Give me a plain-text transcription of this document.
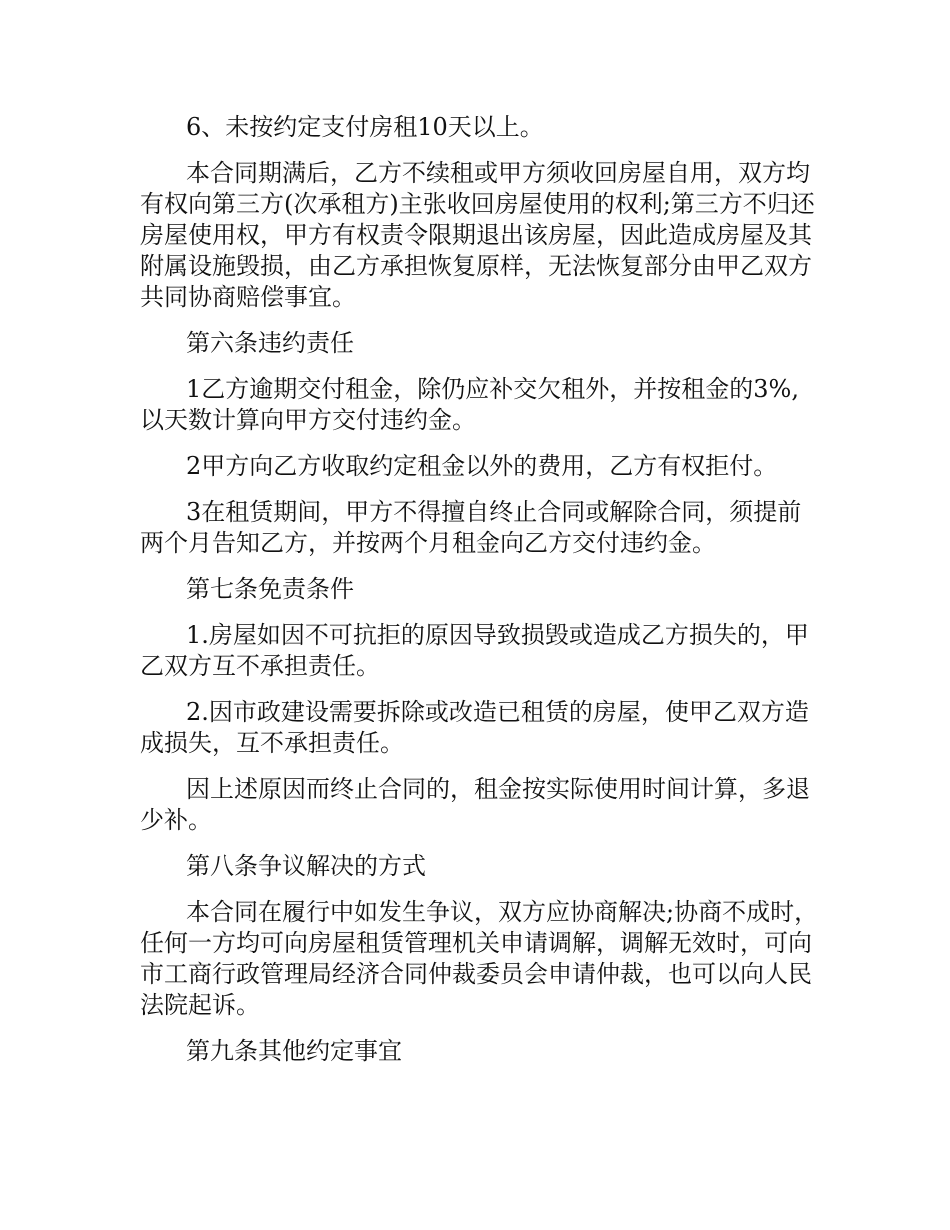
6、未按约定支付房租10天以上。

本合同期满后，乙方不续租或甲方须收回房屋自用，双方均有权向第三方(次承租方)主张收回房屋使用的权利;第三方不归还房屋使用权，甲方有权责令限期退出该房屋，因此造成房屋及其附属设施毁损，由乙方承担恢复原样，无法恢复部分由甲乙双方共同协商赔偿事宜。

第六条违约责任

1乙方逾期交付租金，除仍应补交欠租外，并按租金的3%,以天数计算向甲方交付违约金。

2甲方向乙方收取约定租金以外的费用，乙方有权拒付。

3在租赁期间，甲方不得擅自终止合同或解除合同，须提前两个月告知乙方，并按两个月租金向乙方交付违约金。

第七条免责条件

1.房屋如因不可抗拒的原因导致损毁或造成乙方损失的，甲乙双方互不承担责任。

2.因市政建设需要拆除或改造已租赁的房屋，使甲乙双方造成损失，互不承担责任。

因上述原因而终止合同的，租金按实际使用时间计算，多退少补。

第八条争议解决的方式

本合同在履行中如发生争议，双方应协商解决;协商不成时，任何一方均可向房屋租赁管理机关申请调解，调解无效时，可向市工商行政管理局经济合同仲裁委员会申请仲裁，也可以向人民法院起诉。

第九条其他约定事宜
